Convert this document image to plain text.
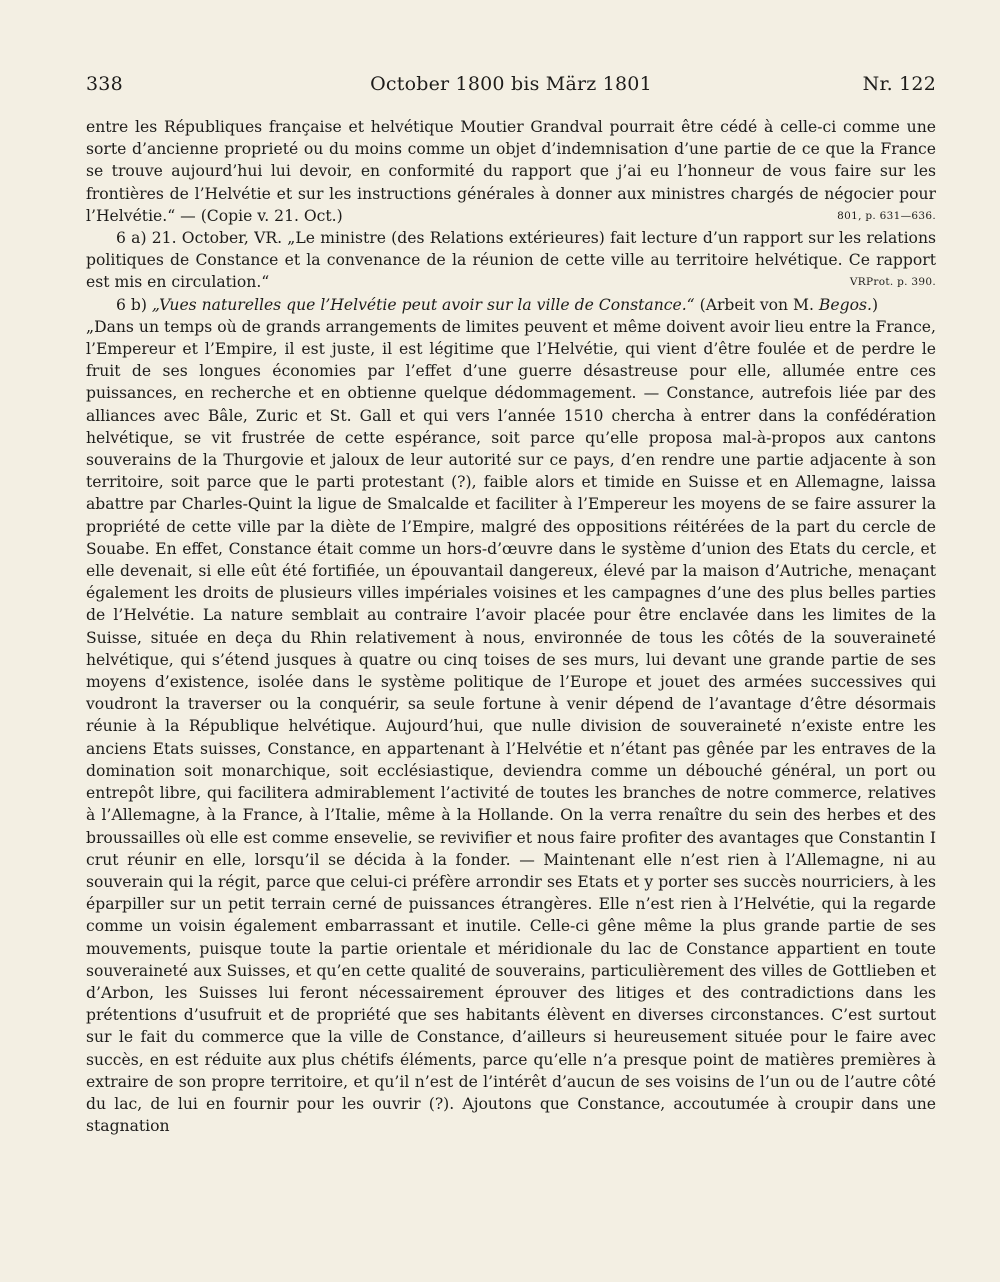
October 1800 bis März 1801
338	Nr. 122

entre les Républiques française et helvétique Moutier Grandval pourrait être cédé à celle-ci comme une sorte d’ancienne proprieté ou du moins comme un objet d’indemnisation d’une partie de ce que la France se trouve aujourd’hui lui devoir, en conformité du rapport que j’ai eu l’honneur de vous faire sur les frontières de l’Helvétie et sur les instructions générales à donner aux ministres chargés de négocier pour l’Helvétie.“ — (Copie v. 21. Oct.)	801, p. 631—636.

6 a) 21. October, VR. „Le ministre (des Relations extérieures) fait lecture d’un rapport sur les relations politiques de Constance et la convenance de la réunion de cette ville au territoire helvétique. Ce rapport est mis en circulation.“	VRProt. p. 390.

6 b) „Vues naturelles que l’Helvétie peut avoir sur la ville de Constance.“ (Arbeit von M. Begos.)

„Dans un temps où de grands arrangements de limites peuvent et même doivent avoir lieu entre la France, l’Empereur et l’Empire, il est juste, il est légitime que l’Helvétie, qui vient d’être foulée et de perdre le fruit de ses longues économies par l’effet d’une guerre désastreuse pour elle, allumée entre ces puissances, en recherche et en obtienne quelque dédommagement. — Constance, autrefois liée par des alliances avec Bâle, Zuric et St. Gall et qui vers l’année 1510 chercha à entrer dans la confédération helvétique, se vit frustrée de cette espérance, soit parce qu’elle proposa mal-à-propos aux cantons souverains de la Thurgovie et jaloux de leur autorité sur ce pays, d’en rendre une partie adjacente à son territoire, soit parce que le parti protestant (?), faible alors et timide en Suisse et en Allemagne, laissa abattre par Charles-Quint la ligue de Smalcalde et faciliter à l’Empereur les moyens de se faire assurer la propriété de cette ville par la diète de l’Empire, malgré des oppositions réitérées de la part du cercle de Souabe. En effet, Constance était comme un hors-d’œuvre dans le système d’union des Etats du cercle, et elle devenait, si elle eût été fortifiée, un épouvantail dangereux, élevé par la maison d’Autriche, menaçant également les droits de plusieurs villes impériales voisines et les campagnes d’une des plus belles parties de l’Helvétie. La nature semblait au contraire l’avoir placée pour être enclavée dans les limites de la Suisse, située en deça du Rhin relativement à nous, environnée de tous les côtés de la souveraineté helvétique, qui s’étend jusques à quatre ou cinq toises de ses murs, lui devant une grande partie de ses moyens d’existence, isolée dans le système politique de l’Europe et jouet des armées successives qui voudront la traverser ou la conquérir, sa seule fortune à venir dépend de l’avantage d’être désormais réunie à la République helvétique. Aujourd’hui, que nulle division de souveraineté n’existe entre les anciens Etats suisses, Constance, en appartenant à l’Helvétie et n’étant pas gênée par les entraves de la domination soit monarchique, soit ecclésiastique, deviendra comme un débouché général, un port ou entrepôt libre, qui facilitera admirablement l’activité de toutes les branches de notre commerce, relatives à l’Allemagne, à la France, à l’Italie, même à la Hollande. On la verra renaître du sein des herbes et des broussailles où elle est comme ensevelie, se revivifier et nous faire profiter des avantages que Constantin I crut réunir en elle, lorsqu’il se décida à la fonder. — Maintenant elle n’est rien à l’Allemagne, ni au souverain qui la régit, parce que celui-ci préfère arrondir ses Etats et y porter ses succès nourriciers, à les éparpiller sur un petit terrain cerné de puissances étrangères. Elle n’est rien à l’Helvétie, qui la regarde comme un voisin également embarrassant et inutile. Celle-ci gêne même la plus grande partie de ses mouvements, puisque toute la partie orientale et méridionale du lac de Constance appartient en toute souveraineté aux Suisses, et qu’en cette qualité de souverains, particulièrement des villes de Gottlieben et d’Arbon, les Suisses lui feront nécessairement éprouver des litiges et des contradictions dans les prétentions d’usufruit et de propriété que ses habitants élèvent en diverses circonstances. C’est surtout sur le fait du commerce que la ville de Constance, d’ailleurs si heureusement située pour le faire avec succès, en est réduite aux plus chétifs éléments, parce qu’elle n’a presque point de matières premières à extraire de son propre territoire, et qu’il n’est de l’intérêt d’aucun de ses voisins de l’un ou de l’autre côté du lac, de lui en fournir pour les ouvrir (?). Ajoutons que Constance, accoutumée à croupir dans une stagnation
